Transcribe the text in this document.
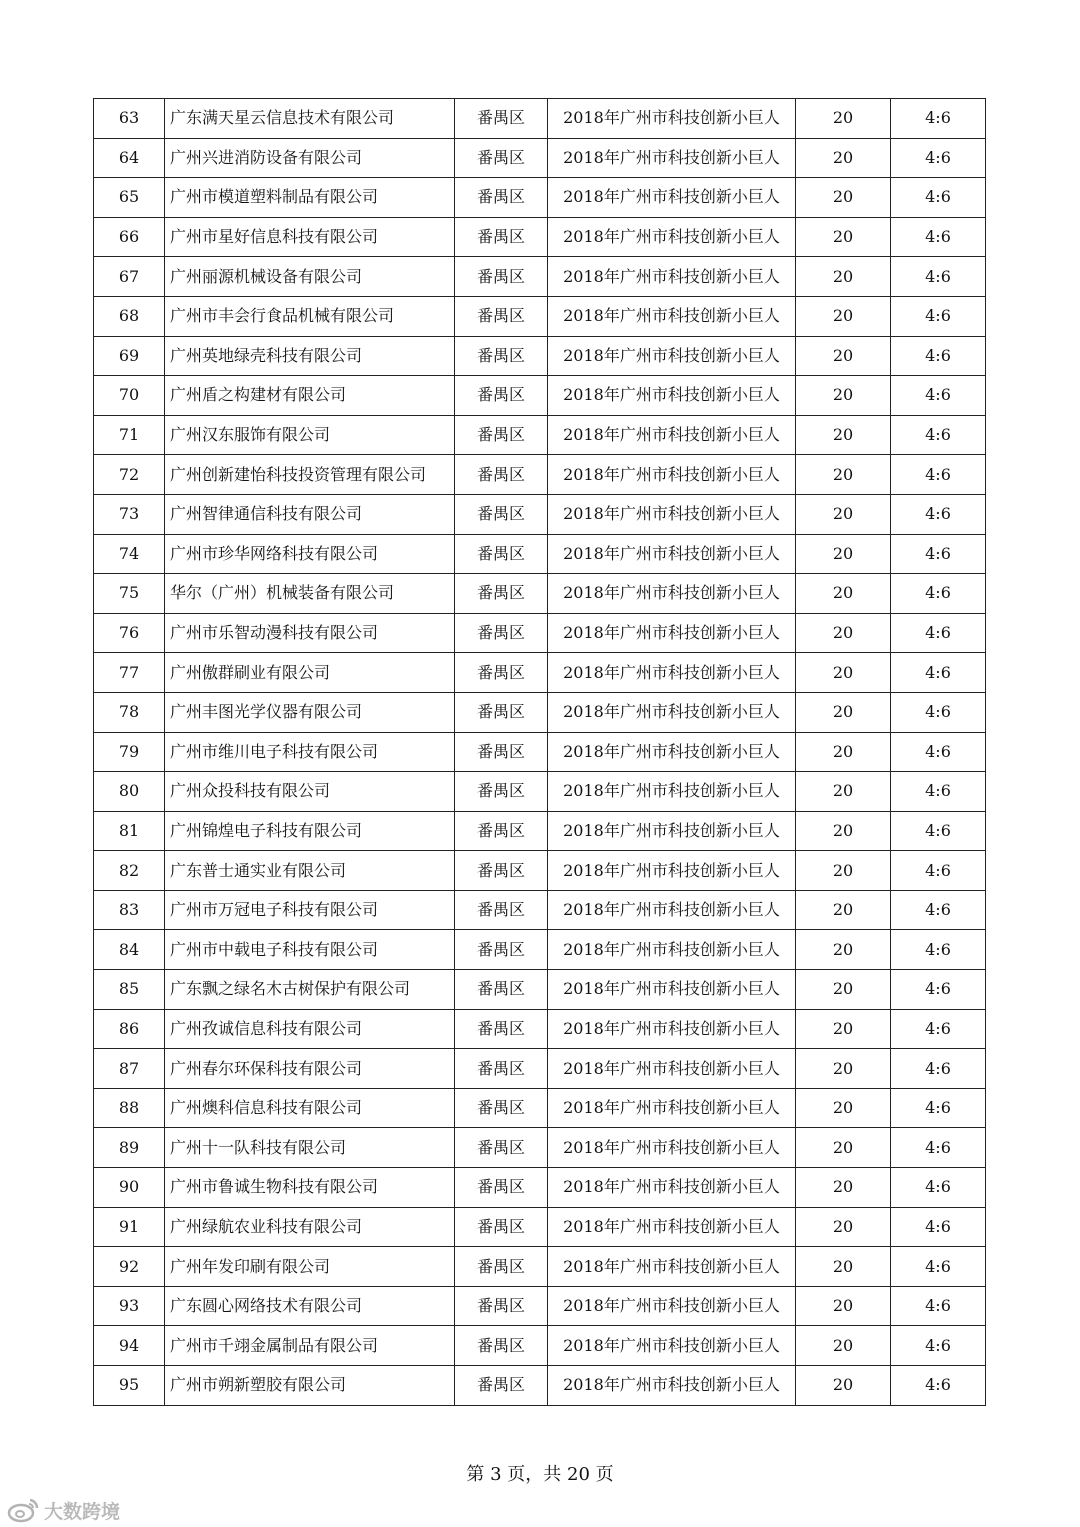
63	广东满天星云信息技术有限公司	番禺区	2018年广州市科技创新小巨人	20	4:6
64	广州兴进消防设备有限公司	番禺区	2018年广州市科技创新小巨人	20	4:6
65	广州市模道塑料制品有限公司	番禺区	2018年广州市科技创新小巨人	20	4:6
66	广州市星好信息科技有限公司	番禺区	2018年广州市科技创新小巨人	20	4:6
67	广州丽源机械设备有限公司	番禺区	2018年广州市科技创新小巨人	20	4:6
68	广州市丰会行食品机械有限公司	番禺区	2018年广州市科技创新小巨人	20	4:6
69	广州英地绿壳科技有限公司	番禺区	2018年广州市科技创新小巨人	20	4:6
70	广州盾之构建材有限公司	番禺区	2018年广州市科技创新小巨人	20	4:6
71	广州汉东服饰有限公司	番禺区	2018年广州市科技创新小巨人	20	4:6
72	广州创新建怡科技投资管理有限公司	番禺区	2018年广州市科技创新小巨人	20	4:6
73	广州智律通信科技有限公司	番禺区	2018年广州市科技创新小巨人	20	4:6
74	广州市珍华网络科技有限公司	番禺区	2018年广州市科技创新小巨人	20	4:6
75	华尔（广州）机械装备有限公司	番禺区	2018年广州市科技创新小巨人	20	4:6
76	广州市乐智动漫科技有限公司	番禺区	2018年广州市科技创新小巨人	20	4:6
77	广州傲群刷业有限公司	番禺区	2018年广州市科技创新小巨人	20	4:6
78	广州丰图光学仪器有限公司	番禺区	2018年广州市科技创新小巨人	20	4:6
79	广州市维川电子科技有限公司	番禺区	2018年广州市科技创新小巨人	20	4:6
80	广州众投科技有限公司	番禺区	2018年广州市科技创新小巨人	20	4:6
81	广州锦煌电子科技有限公司	番禺区	2018年广州市科技创新小巨人	20	4:6
82	广东普士通实业有限公司	番禺区	2018年广州市科技创新小巨人	20	4:6
83	广州市万冠电子科技有限公司	番禺区	2018年广州市科技创新小巨人	20	4:6
84	广州市中载电子科技有限公司	番禺区	2018年广州市科技创新小巨人	20	4:6
85	广东飘之绿名木古树保护有限公司	番禺区	2018年广州市科技创新小巨人	20	4:6
86	广州孜诚信息科技有限公司	番禺区	2018年广州市科技创新小巨人	20	4:6
87	广州春尔环保科技有限公司	番禺区	2018年广州市科技创新小巨人	20	4:6
88	广州燠科信息科技有限公司	番禺区	2018年广州市科技创新小巨人	20	4:6
89	广州十一队科技有限公司	番禺区	2018年广州市科技创新小巨人	20	4:6
90	广州市鲁诚生物科技有限公司	番禺区	2018年广州市科技创新小巨人	20	4:6
91	广州绿航农业科技有限公司	番禺区	2018年广州市科技创新小巨人	20	4:6
92	广州年发印刷有限公司	番禺区	2018年广州市科技创新小巨人	20	4:6
93	广东圆心网络技术有限公司	番禺区	2018年广州市科技创新小巨人	20	4:6
94	广州市千翊金属制品有限公司	番禺区	2018年广州市科技创新小巨人	20	4:6
95	广州市朔新塑胶有限公司	番禺区	2018年广州市科技创新小巨人	20	4:6
第 3 页，共 20 页
大数跨境
